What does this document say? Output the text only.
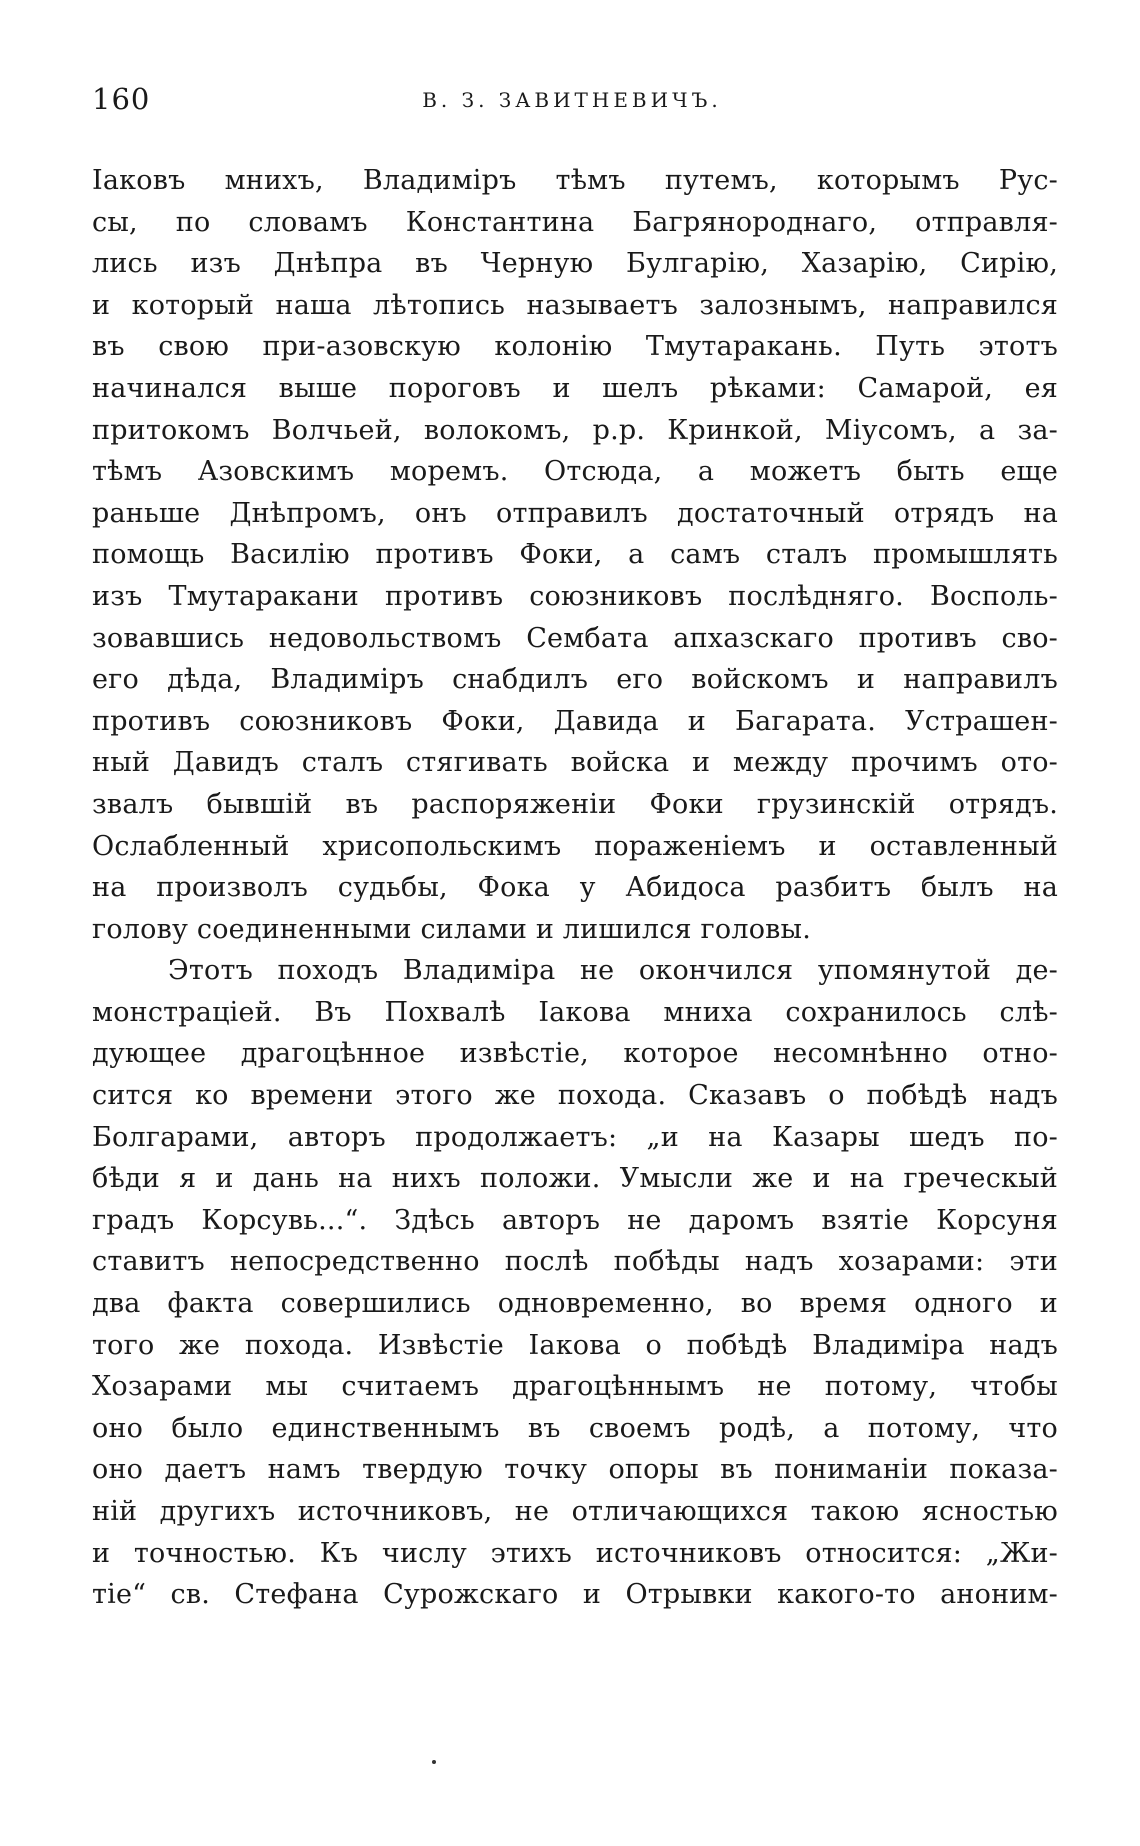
160	В. З. ЗАВИТНЕВИЧЪ.
Іаковъ мнихъ, Владиміръ тѣмъ путемъ, которымъ Рус-
сы, по словамъ Константина Багрянороднаго, отправля-
лись изъ Днѣпра въ Черную Булгарію, Хазарію, Сирію,
и который наша лѣтопись называетъ залознымъ, направился
въ свою при-азовскую колонію Тмутаракань. Путь этотъ
начинался выше пороговъ и шелъ рѣками: Самарой, ея
притокомъ Волчьей, волокомъ, р.р. Кринкой, Міусомъ, а за-
тѣмъ Азовскимъ моремъ. Отсюда, а можетъ быть еще
раньше Днѣпромъ, онъ отправилъ достаточный отрядъ на
помощь Василію противъ Фоки, а самъ сталъ промышлять
изъ Тмутаракани противъ союзниковъ послѣдняго. Восполь-
зовавшись недовольствомъ Сембата апхазскаго противъ сво-
его дѣда, Владиміръ снабдилъ его войскомъ и направилъ
противъ союзниковъ Фоки, Давида и Багарата. Устрашен-
ный Давидъ сталъ стягивать войска и между прочимъ ото-
звалъ бывшій въ распоряженіи Фоки грузинскій отрядъ.
Ослабленный хрисопольскимъ пораженіемъ и оставленный
на произволъ судьбы, Фока у Абидоса разбитъ былъ на
голову соединенными силами и лишился головы.
Этотъ походъ Владиміра не окончился упомянутой де-
монстраціей. Въ Похвалѣ Іакова мниха сохранилось слѣ-
дующее драгоцѣнное извѣстіе, которое несомнѣнно отно-
сится ко времени этого же похода. Сказавъ о побѣдѣ надъ
Болгарами, авторъ продолжаетъ: „и на Казары шедъ по-
бѣди я и дань на нихъ положи. Умысли же и на греческый
градъ Корсувь...“. Здѣсь авторъ не даромъ взятіе Корсуня
ставитъ непосредственно послѣ побѣды надъ хозарами: эти
два факта совершились одновременно, во время одного и
того же похода. Извѣстіе Іакова о побѣдѣ Владиміра надъ
Хозарами мы считаемъ драгоцѣннымъ не потому, чтобы
оно было единственнымъ въ своемъ родѣ, а потому, что
оно даетъ намъ твердую точку опоры въ пониманіи показа-
ній другихъ источниковъ, не отличающихся такою ясностью
и точностью. Къ числу этихъ источниковъ относится: „Жи-
тіе“ св. Стефана Сурожскаго и Отрывки какого-то аноним-
